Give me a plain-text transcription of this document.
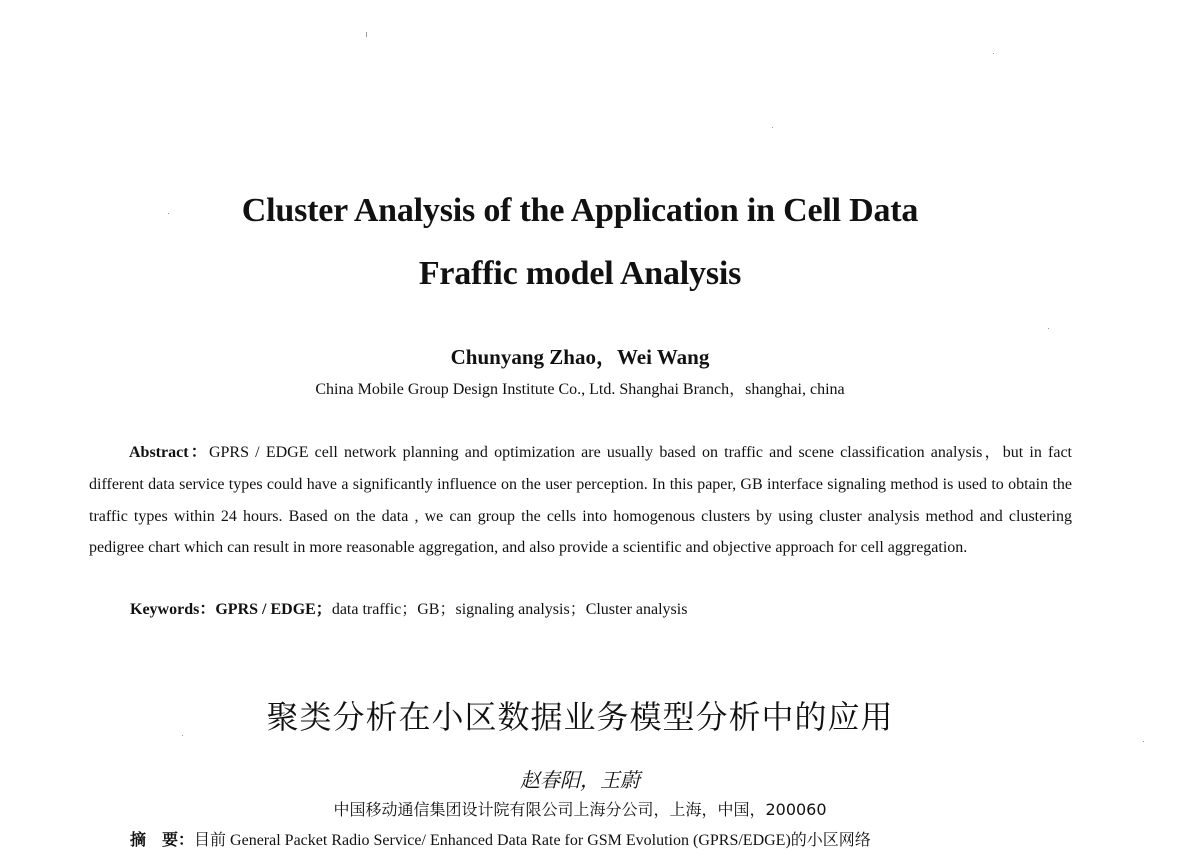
Cluster Analysis of the Application in Cell Data
Fraffic model Analysis
Chunyang Zhao，Wei Wang
China Mobile Group Design Institute Co., Ltd. Shanghai Branch，shanghai, china
Abstract：GPRS / EDGE cell network planning and optimization are usually based on traffic and scene classification analysis，but in fact different data service types could have a significantly influence on the user perception. In this paper, GB interface signaling method is used to obtain the traffic types within 24 hours. Based on the data , we can group the cells into homogenous clusters by using cluster analysis method and clustering pedigree chart which can result in more reasonable aggregation, and also provide a scientific and objective approach for cell aggregation.
Keywords：GPRS / EDGE；data traffic；GB；signaling analysis；Cluster analysis
聚类分析在小区数据业务模型分析中的应用
赵春阳，王蔚
中国移动通信集团设计院有限公司上海分公司，上海，中国，200060
摘　要：目前 General Packet Radio Service/ Enhanced Data Rate for GSM Evolution (GPRS/EDGE)的小区网络
